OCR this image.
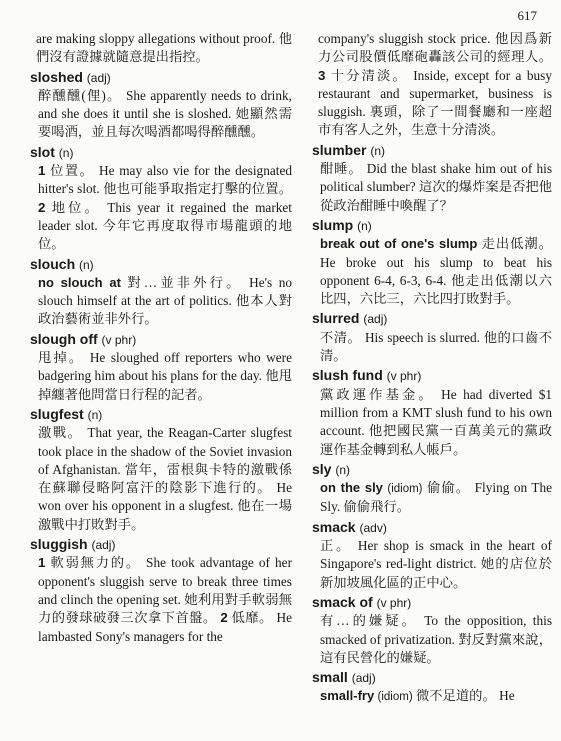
617
are making sloppy allegations without proof. 他們沒有證據就隨意提出指控。
sloshed (adj)
醉醺醺(俚)。 She apparently needs to drink, and she does it until she is sloshed. 她顯然需要喝酒，並且每次喝酒都喝得醉醺醺。
slot (n)
1 位置。 He may also vie for the designated hitter's slot. 他也可能爭取指定打擊的位置。 2 地位。 This year it regained the market leader slot. 今年它再度取得市場龍頭的地位。
slouch (n)
no slouch at 對…並非外行。 He's no slouch himself at the art of politics. 他本人對政治藝術並非外行。
slough off (v phr)
甩掉。 He sloughed off reporters who were badgering him about his plans for the day. 他甩掉纏著他問當日行程的記者。
slugfest (n)
激戰。 That year, the Reagan-Carter slugfest took place in the shadow of the Soviet invasion of Afghanistan. 當年，雷根與卡特的激戰係在蘇聯侵略阿富汗的陰影下進行的。 He won over his opponent in a slugfest. 他在一場激戰中打敗對手。
sluggish (adj)
1 軟弱無力的。 She took advantage of her opponent's sluggish serve to break three times and clinch the opening set. 她利用對手軟弱無力的發球破發三次拿下首盤。 2 低靡。 He lambasted Sony's managers for the
company's sluggish stock price. 他因爲新力公司股價低靡砲轟該公司的經理人。 3 十分清淡。 Inside, except for a busy restaurant and supermarket, business is sluggish. 裏頭，除了一間餐廳和一座超市有客人之外，生意十分清淡。
slumber (n)
酣睡。 Did the blast shake him out of his political slumber? 這次的爆炸案是否把他從政治酣睡中喚醒了？
slump (n)
break out of one's slump 走出低潮。 He broke out his slump to beat his opponent 6-4, 6-3, 6-4. 他走出低潮以六比四，六比三，六比四打敗對手。
slurred (adj)
不清。 His speech is slurred. 他的口齒不清。
slush fund (v phr)
黨政運作基金。 He had diverted $1 million from a KMT slush fund to his own account. 他把國民黨一百萬美元的黨政運作基金轉到私人帳戶。
sly (n)
on the sly (idiom) 偷偷。 Flying on The Sly. 偷偷飛行。
smack (adv)
正。 Her shop is smack in the heart of Singapore's red-light district. 她的店位於新加坡風化區的正中心。
smack of (v phr)
有…的嫌疑。 To the opposition, this smacked of privatization. 對反對黨來說，這有民營化的嫌疑。
small (adj)
small-fry (idiom) 微不足道的。 He
